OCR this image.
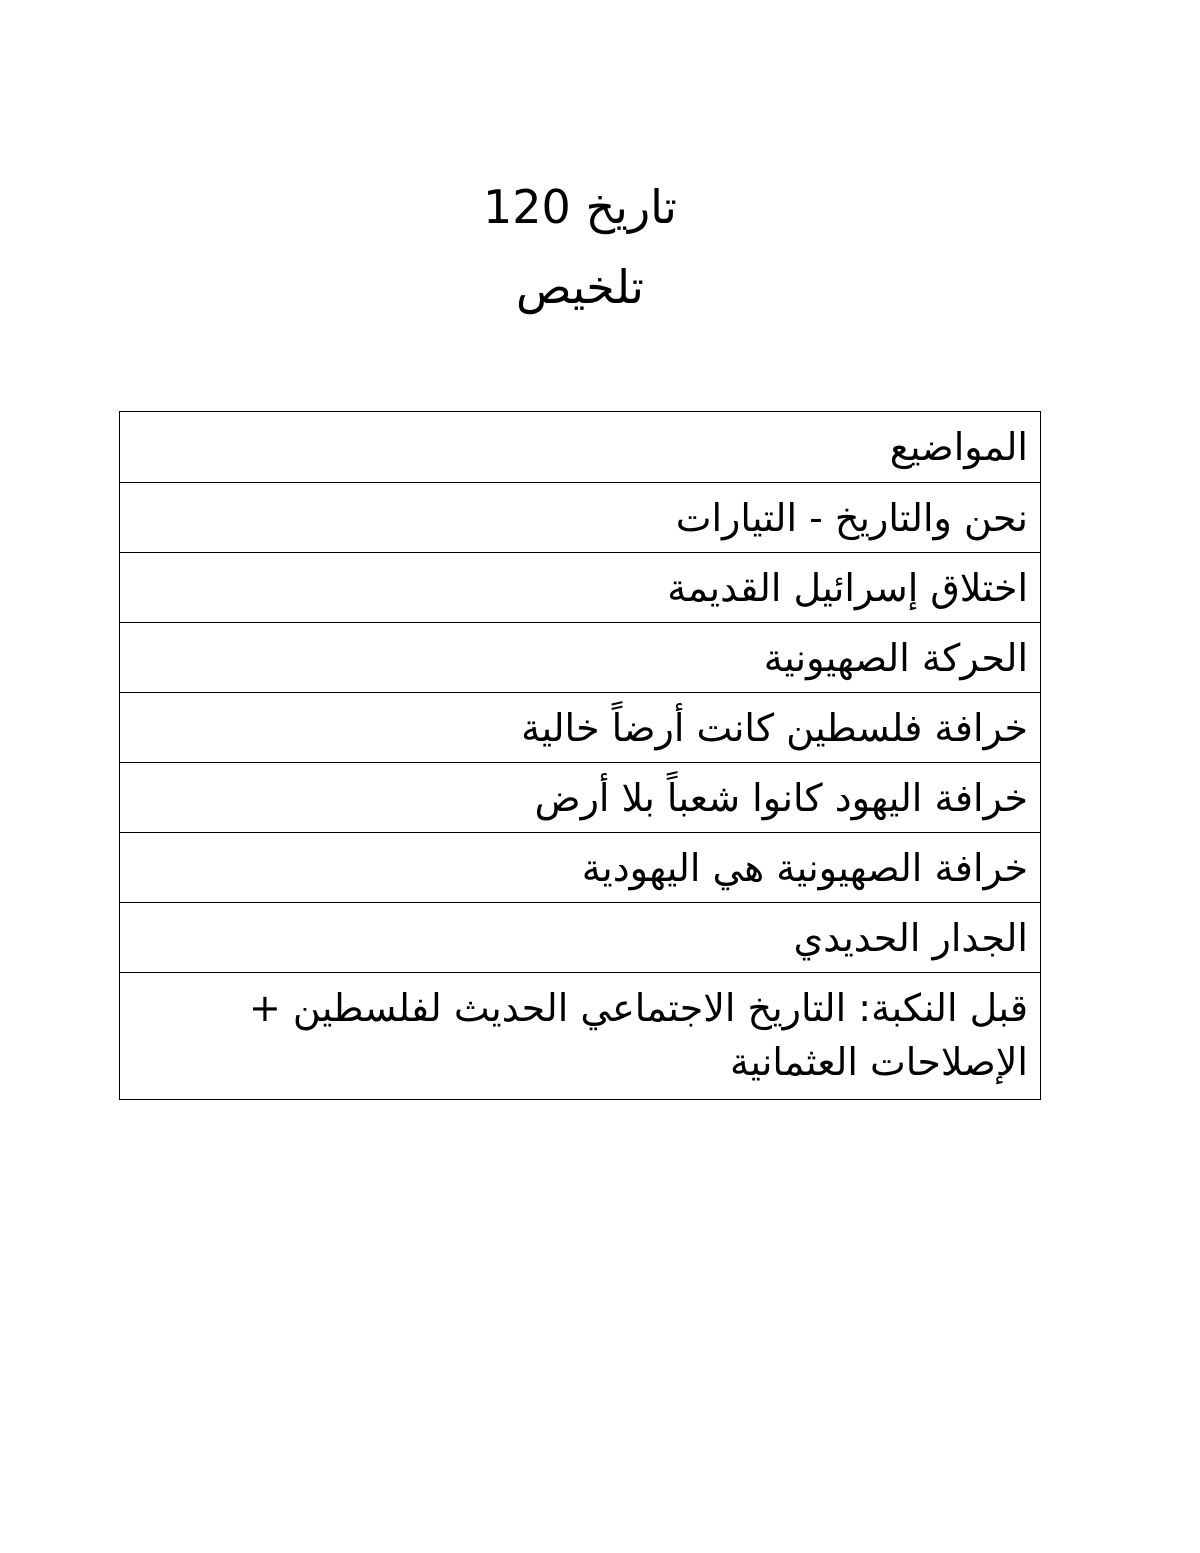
تاريخ 120
تلخيص
المواضيع
نحن والتاريخ - التيارات
اختلاق إسرائيل القديمة
الحركة الصهيونية
خرافة فلسطين كانت أرضاً خالية
خرافة اليهود كانوا شعباً بلا أرض
خرافة الصهيونية هي اليهودية
الجدار الحديدي
قبل النكبة: التاريخ الاجتماعي الحديث لفلسطين + الإصلاحات العثمانية
